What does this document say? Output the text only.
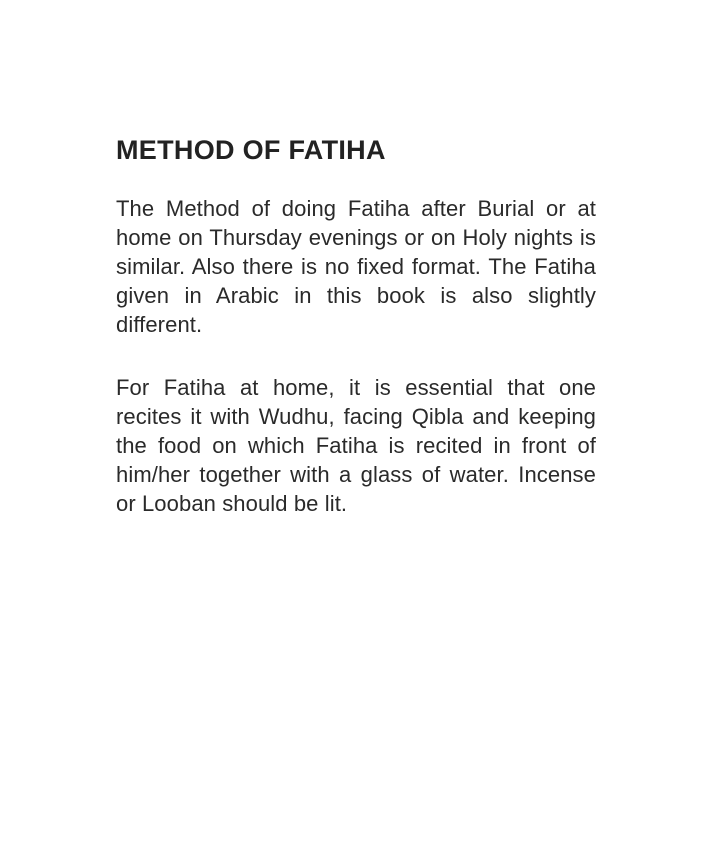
METHOD OF FATIHA
The Method of doing Fatiha after Burial or at
home on Thursday evenings or on Holy nights is
similar. Also there is no fixed format. The Fatiha
given in Arabic in this book is also slightly
different.
For Fatiha at home, it is essential that one
recites it with Wudhu, facing Qibla and keeping
the food on which Fatiha is recited in front of
him/her together with a glass of water. Incense
or Looban should be lit.
